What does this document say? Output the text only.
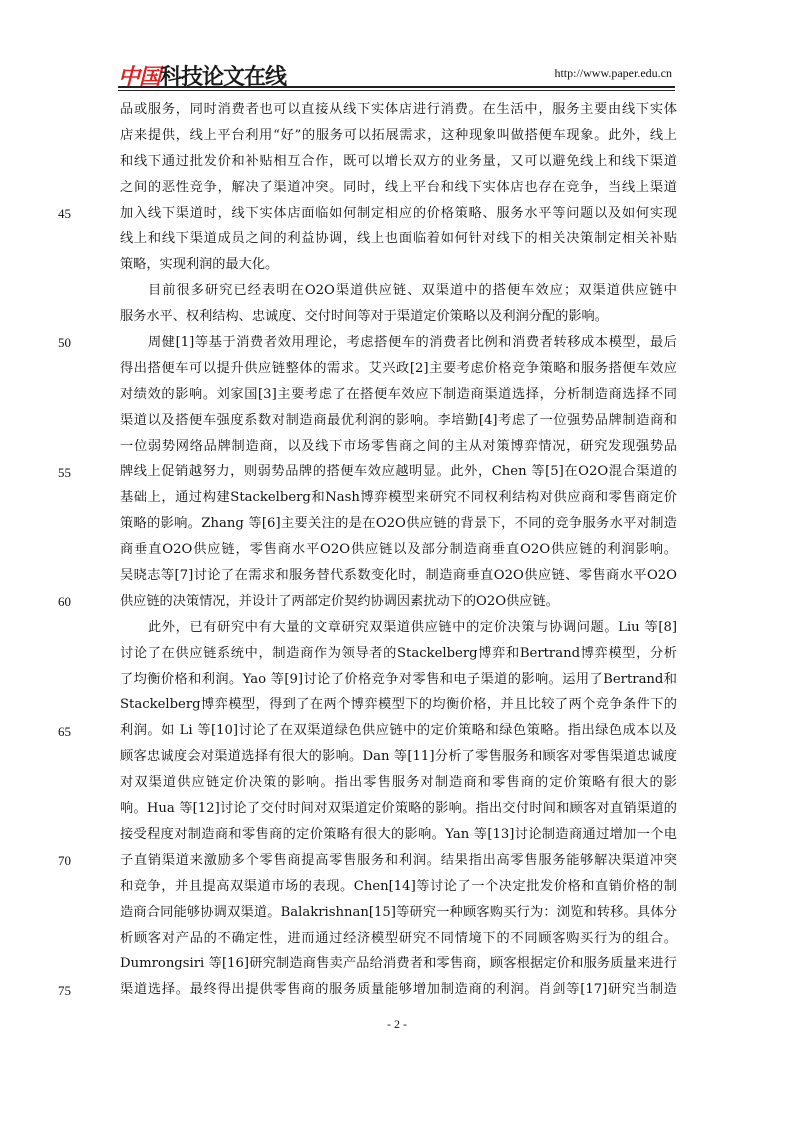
中国科技论文在线	http://www.paper.edu.cn
品或服务，同时消费者也可以直接从线下实体店进行消费。在生活中，服务主要由线下实体
店来提供，线上平台利用“好”的服务可以拓展需求，这种现象叫做搭便车现象。此外，线上
和线下通过批发价和补贴相互合作，既可以增长双方的业务量，又可以避免线上和线下渠道
之间的恶性竞争，解决了渠道冲突。同时，线上平台和线下实体店也存在竞争，当线上渠道
加入线下渠道时，线下实体店面临如何制定相应的价格策略、服务水平等问题以及如何实现
线上和线下渠道成员之间的利益协调，线上也面临着如何针对线下的相关决策制定相关补贴
策略，实现利润的最大化。
目前很多研究已经表明在O2O渠道供应链、双渠道中的搭便车效应；双渠道供应链中
服务水平、权利结构、忠诚度、交付时间等对于渠道定价策略以及利润分配的影响。
周健[1]等基于消费者效用理论，考虑搭便车的消费者比例和消费者转移成本模型，最后
得出搭便车可以提升供应链整体的需求。艾兴政[2]主要考虑价格竞争策略和服务搭便车效应
对绩效的影响。刘家国[3]主要考虑了在搭便车效应下制造商渠道选择，分析制造商选择不同
渠道以及搭便车强度系数对制造商最优利润的影响。李培勤[4]考虑了一位强势品牌制造商和
一位弱势网络品牌制造商，以及线下市场零售商之间的主从对策博弈情况，研究发现强势品
牌线上促销越努力，则弱势品牌的搭便车效应越明显。此外，Chen 等[5]在O2O混合渠道的
基础上，通过构建Stackelberg和Nash博弈模型来研究不同权利结构对供应商和零售商定价
策略的影响。Zhang 等[6]主要关注的是在O2O供应链的背景下，不同的竞争服务水平对制造
商垂直O2O供应链，零售商水平O2O供应链以及部分制造商垂直O2O供应链的利润影响。
吴晓志等[7]讨论了在需求和服务替代系数变化时，制造商垂直O2O供应链、零售商水平O2O
供应链的决策情况，并设计了两部定价契约协调因素扰动下的O2O供应链。
此外，已有研究中有大量的文章研究双渠道供应链中的定价决策与协调问题。Liu 等[8]
讨论了在供应链系统中，制造商作为领导者的Stackelberg博弈和Bertrand博弈模型，分析
了均衡价格和利润。Yao 等[9]讨论了价格竞争对零售和电子渠道的影响。运用了Bertrand和
Stackelberg博弈模型，得到了在两个博弈模型下的均衡价格，并且比较了两个竞争条件下的
利润。如 Li 等[10]讨论了在双渠道绿色供应链中的定价策略和绿色策略。指出绿色成本以及
顾客忠诚度会对渠道选择有很大的影响。Dan 等[11]分析了零售服务和顾客对零售渠道忠诚度
对双渠道供应链定价决策的影响。指出零售服务对制造商和零售商的定价策略有很大的影
响。Hua 等[12]讨论了交付时间对双渠道定价策略的影响。指出交付时间和顾客对直销渠道的
接受程度对制造商和零售商的定价策略有很大的影响。Yan 等[13]讨论制造商通过增加一个电
子直销渠道来激励多个零售商提高零售服务和利润。结果指出高零售服务能够解决渠道冲突
和竞争，并且提高双渠道市场的表现。Chen[14]等讨论了一个决定批发价格和直销价格的制
造商合同能够协调双渠道。Balakrishnan[15]等研究一种顾客购买行为：浏览和转移。具体分
析顾客对产品的不确定性，进而通过经济模型研究不同情境下的不同顾客购买行为的组合。
Dumrongsiri 等[16]研究制造商售卖产品给消费者和零售商，顾客根据定价和服务质量来进行
渠道选择。最终得出提供零售商的服务质量能够增加制造商的利润。肖剑等[17]研究当制造
45
50
55
60
65
70
75
- 2 -
